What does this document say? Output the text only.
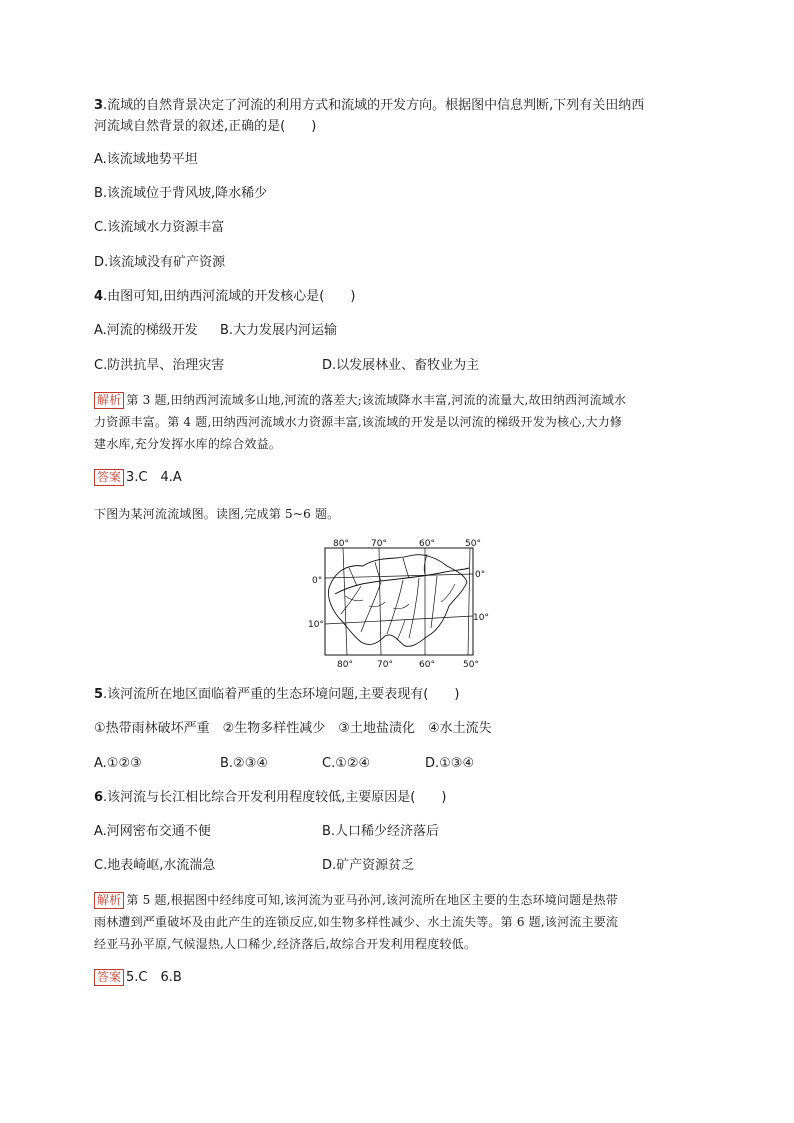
3.流域的自然背景决定了河流的利用方式和流域的开发方向。根据图中信息判断,下列有关田纳西
河流域自然背景的叙述,正确的是(　　)
A.该流域地势平坦
B.该流域位于背风坡,降水稀少
C.该流域水力资源丰富
D.该流域没有矿产资源
4.由图可知,田纳西河流域的开发核心是(　　)
A.河流的梯级开发 B.大力发展内河运输
C.防洪抗旱、治理灾害	D.以发展林业、畜牧业为主
解析 第 3 题,田纳西河流域多山地,河流的落差大;该流域降水丰富,河流的流量大,故田纳西河流域水
力资源丰富。第 4 题,田纳西河流域水力资源丰富,该流域的开发是以河流的梯级开发为核心,大力修
建水库,充分发挥水库的综合效益。
答案 3.C　4.A
下图为某河流流域图。读图,完成第 5~6 题。
80° 70°	60°	50°
80°	70°	60°	50°
0°
10°
0°
10°
5.该河流所在地区面临着严重的生态环境问题,主要表现有(　　)
①热带雨林破坏严重　②生物多样性减少　③土地盐渍化　④水土流失
A.①②③	B.②③④	C.①②④	D.①③④
6.该河流与长江相比综合开发利用程度较低,主要原因是(　　)
A.河网密布交通不便	B.人口稀少经济落后
C.地表崎岖,水流湍急	D.矿产资源贫乏
解析 第 5 题,根据图中经纬度可知,该河流为亚马孙河,该河流所在地区主要的生态环境问题是热带
雨林遭到严重破坏及由此产生的连锁反应,如生物多样性减少、水土流失等。第 6 题,该河流主要流
经亚马孙平原,气候湿热,人口稀少,经济落后,故综合开发利用程度较低。
答案 5.C　6.B
